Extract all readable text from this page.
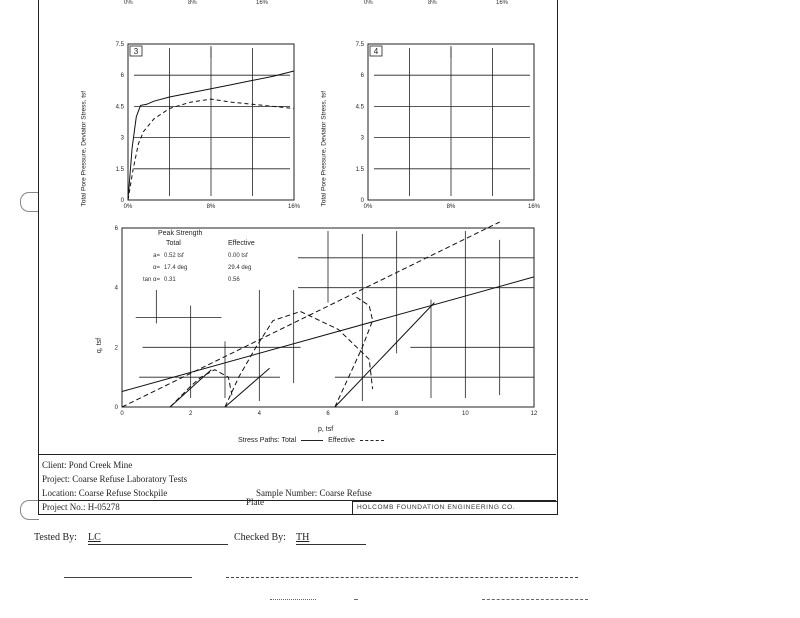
0%	8%	16%	0%	8%	16%
Total Pore Pressure, Deviator Stress, tsf	0
1.5
3
4.5
6
7.5
0%	8%	16%
3
Total Pore Pressure, Deviator Stress, tsf	0
1.5
3
4.5
6
7.5
0%	8%	16%
4
0	2	4	6	8	10	12
0
2
4
6
q, tsf
p, tsf
Peak Strength
Total	Effective
a= 0.52 tsf	0.00 tsf
α= 17.4 deg	29.4 deg
tan α= 0.31	0.56
Stress Paths: Total	Effective
Client: Pond Creek Mine
Project: Coarse Refuse Laboratory Tests
Location: Coarse Refuse Stockpile	Sample Number: Coarse Refuse
Project No.: H-05278	Plate
HOLCOMB FOUNDATION ENGINEERING CO.
Tested By: LC	Checked By: TH
